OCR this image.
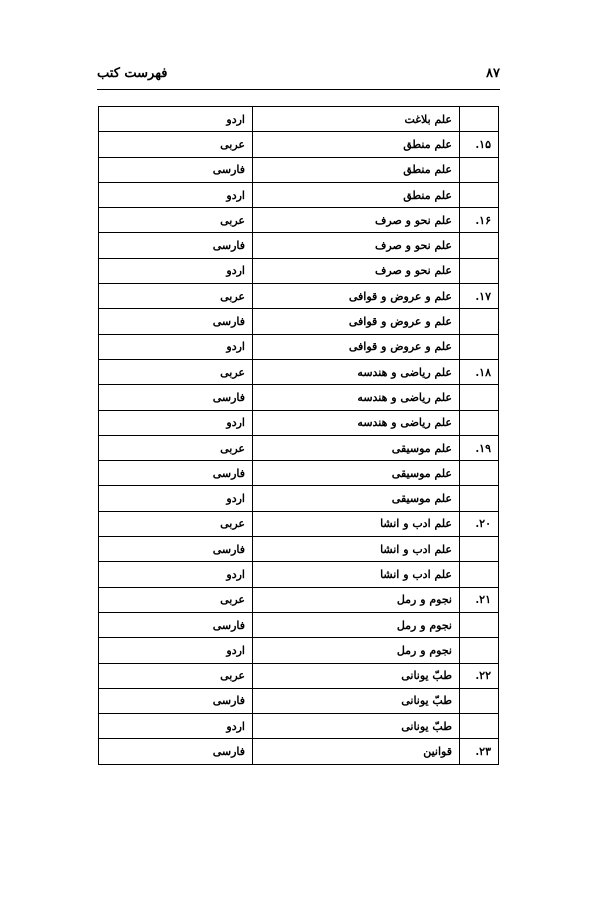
فهرست کتب	۸۷
	علم بلاغت	اردو
۱۵.	علم منطق	عربی
	علم منطق	فارسی
	علم منطق	اردو
۱۶.	علم نحو و صرف	عربی
	علم نحو و صرف	فارسی
	علم نحو و صرف	اردو
۱۷.	علم و عروض و قوافی	عربی
	علم و عروض و قوافی	فارسی
	علم و عروض و قوافی	اردو
۱۸.	علم ریاضی و هندسه	عربی
	علم ریاضی و هندسه	فارسی
	علم ریاضی و هندسه	اردو
۱۹.	علم موسیقی	عربی
	علم موسیقی	فارسی
	علم موسیقی	اردو
۲۰.	علم ادب و انشا	عربی
	علم ادب و انشا	فارسی
	علم ادب و انشا	اردو
۲۱.	نجوم و رمل	عربی
	نجوم و رمل	فارسی
	نجوم و رمل	اردو
۲۲.	طبّ یونانی	عربی
	طبّ یونانی	فارسی
	طبّ یونانی	اردو
۲۳.	قوانین	فارسی
